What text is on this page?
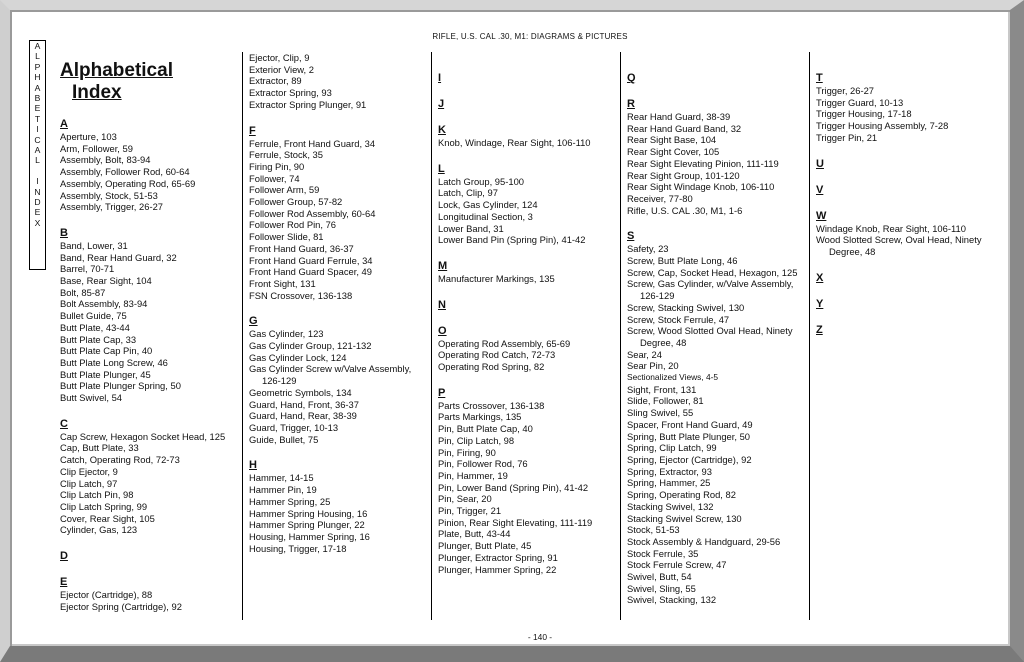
RIFLE, U.S. CAL .30, M1: DIAGRAMS & PICTURES
A
L
P
H
A
B
E
T
I
C
A
L
I
N
D
E
X
Alphabetical
Index
A
Aperture, 103
Arm, Follower, 59
Assembly, Bolt, 83-94
Assembly, Follower Rod, 60-64
Assembly, Operating Rod, 65-69
Assembly, Stock, 51-53
Assembly, Trigger, 26-27
B
Band, Lower, 31
Band, Rear Hand Guard, 32
Barrel, 70-71
Base, Rear Sight, 104
Bolt, 85-87
Bolt Assembly, 83-94
Bullet Guide, 75
Butt Plate, 43-44
Butt Plate Cap, 33
Butt Plate Cap Pin, 40
Butt Plate Long Screw, 46
Butt Plate Plunger, 45
Butt Plate Plunger Spring, 50
Butt Swivel, 54
C
Cap Screw, Hexagon Socket Head, 125
Cap, Butt Plate, 33
Catch, Operating Rod, 72-73
Clip Ejector, 9
Clip Latch, 97
Clip Latch Pin, 98
Clip Latch Spring, 99
Cover, Rear Sight, 105
Cylinder, Gas, 123
D
E
Ejector (Cartridge), 88
Ejector Spring (Cartridge), 92
Ejector, Clip, 9
Exterior View, 2
Extractor, 89
Extractor Spring, 93
Extractor Spring Plunger, 91
F
Ferrule, Front Hand Guard, 34
Ferrule, Stock, 35
Firing Pin, 90
Follower, 74
Follower Arm, 59
Follower Group, 57-82
Follower Rod Assembly, 60-64
Follower Rod Pin, 76
Follower Slide, 81
Front Hand Guard, 36-37
Front Hand Guard Ferrule, 34
Front Hand Guard Spacer, 49
Front Sight, 131
FSN Crossover, 136-138
G
Gas Cylinder, 123
Gas Cylinder Group, 121-132
Gas Cylinder Lock, 124
Gas Cylinder Screw w/Valve Assembly, 126-129
Geometric Symbols, 134
Guard, Hand, Front, 36-37
Guard, Hand, Rear, 38-39
Guard, Trigger, 10-13
Guide, Bullet, 75
H
Hammer, 14-15
Hammer Pin, 19
Hammer Spring, 25
Hammer Spring Housing, 16
Hammer Spring Plunger, 22
Housing, Hammer Spring, 16
Housing, Trigger, 17-18
I
J
K
Knob, Windage, Rear Sight, 106-110
L
Latch Group, 95-100
Latch, Clip, 97
Lock, Gas Cylinder, 124
Longitudinal Section, 3
Lower Band, 31
Lower Band Pin (Spring Pin), 41-42
M
Manufacturer Markings, 135
N
O
Operating Rod Assembly, 65-69
Operating Rod Catch, 72-73
Operating Rod Spring, 82
P
Parts Crossover, 136-138
Parts Markings, 135
Pin, Butt Plate Cap, 40
Pin, Clip Latch, 98
Pin, Firing, 90
Pin, Follower Rod, 76
Pin, Hammer, 19
Pin, Lower Band (Spring Pin), 41-42
Pin, Sear, 20
Pin, Trigger, 21
Pinion, Rear Sight Elevating, 111-119
Plate, Butt, 43-44
Plunger, Butt Plate, 45
Plunger, Extractor Spring, 91
Plunger, Hammer Spring, 22
Q
R
Rear Hand Guard, 38-39
Rear Hand Guard Band, 32
Rear Sight Base, 104
Rear Sight Cover, 105
Rear Sight Elevating Pinion, 111-119
Rear Sight Group, 101-120
Rear Sight Windage Knob, 106-110
Receiver, 77-80
Rifle, U.S. CAL .30, M1, 1-6
S
Safety, 23
Screw, Butt Plate Long, 46
Screw, Cap, Socket Head, Hexagon, 125
Screw, Gas Cylinder, w/Valve Assembly, 126-129
Screw, Stacking Swivel, 130
Screw, Stock Ferrule, 47
Screw, Wood Slotted Oval Head, Ninety Degree, 48
Sear, 24
Sear Pin, 20
Sectionalized Views, 4-5
Sight, Front, 131
Slide, Follower, 81
Sling Swivel, 55
Spacer, Front Hand Guard, 49
Spring, Butt Plate Plunger, 50
Spring, Clip Latch, 99
Spring, Ejector (Cartridge), 92
Spring, Extractor, 93
Spring, Hammer, 25
Spring, Operating Rod, 82
Stacking Swivel, 132
Stacking Swivel Screw, 130
Stock, 51-53
Stock Assembly & Handguard, 29-56
Stock Ferrule, 35
Stock Ferrule Screw, 47
Swivel, Butt, 54
Swivel, Sling, 55
Swivel, Stacking, 132
T
Trigger, 26-27
Trigger Guard, 10-13
Trigger Housing, 17-18
Trigger Housing Assembly, 7-28
Trigger Pin, 21
U
V
W
Windage Knob, Rear Sight, 106-110
Wood Slotted Screw, Oval Head, Ninety Degree, 48
X
Y
Z
- 140 -
